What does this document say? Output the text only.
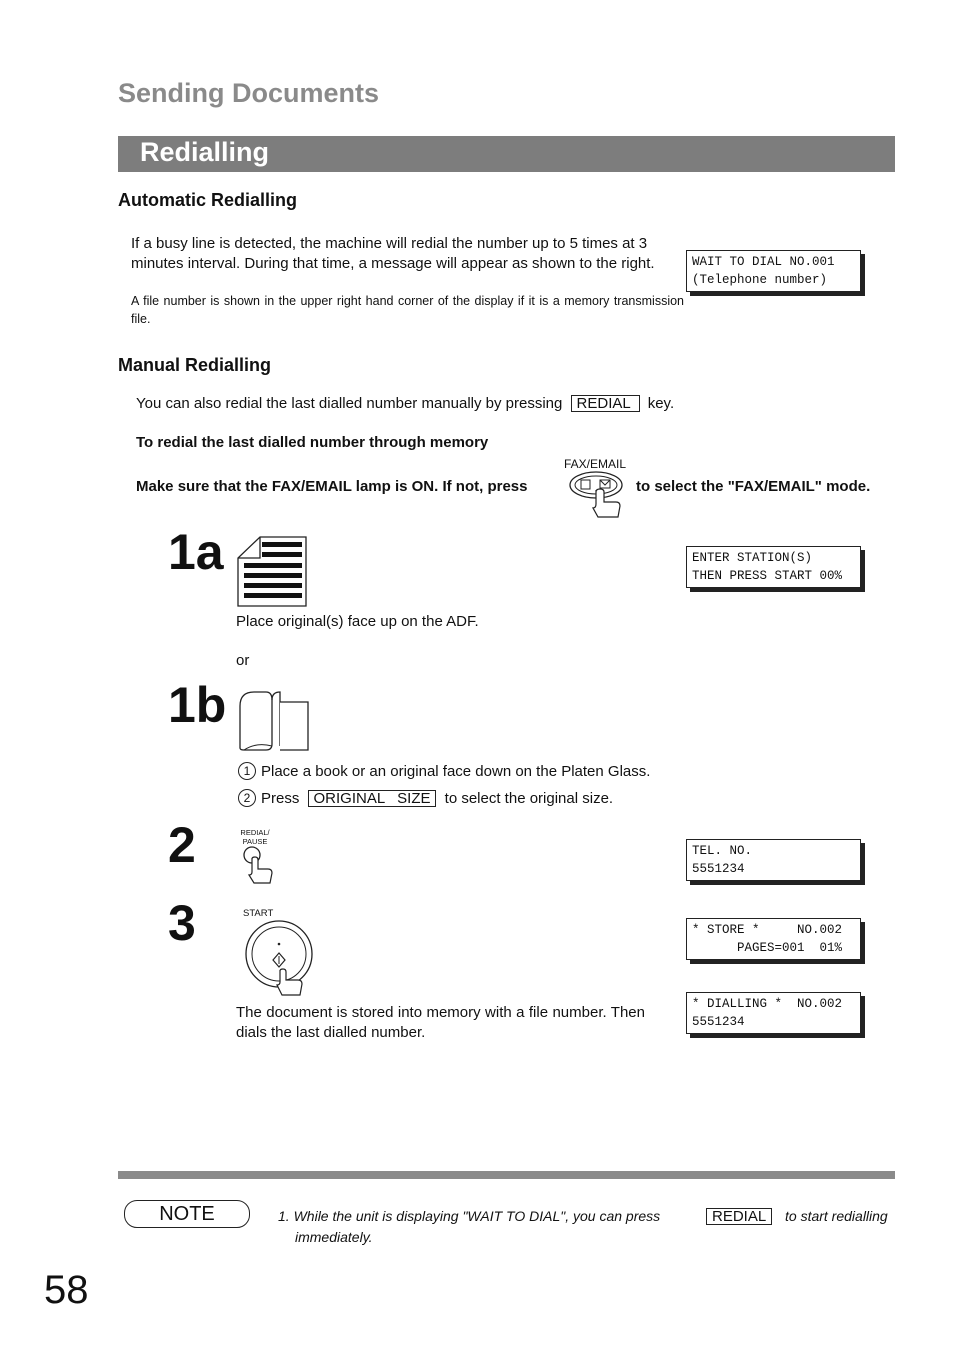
Sending Documents
Redialling
Automatic Redialling
If a busy line is detected, the machine will redial the number up to 5 times at 3 minutes interval. During that time, a message will appear as shown to the right.
A file number is shown in the upper right hand corner of the display if it is a memory transmission file.
WAIT TO DIAL NO.001
(Telephone number)
Manual Redialling
You can also redial the last dialled number manually by pressing REDIAL key.
To redial the last dialled number through memory
Make sure that the FAX/EMAIL lamp is ON. If not, press
FAX/EMAIL
to select the "FAX/EMAIL" mode.
1a	ENTER STATION(S)
THEN PRESS START 00%
Place original(s) face up on the ADF.
or
1b
1 Place a book or an original face down on the Platen Glass.
2 Press ORIGINAL   SIZE to select the original size.
2	REDIAL/
PAUSE
TEL. NO.
5551234
3	START
* STORE *     NO.002
PAGES=001  01%
* DIALLING *  NO.002
5551234
The document is stored into memory with a file number. Then dials the last dialled number.
NOTE	1. While the unit is displaying "WAIT TO DIAL", you can press	REDIAL	to start redialling
immediately.
58
